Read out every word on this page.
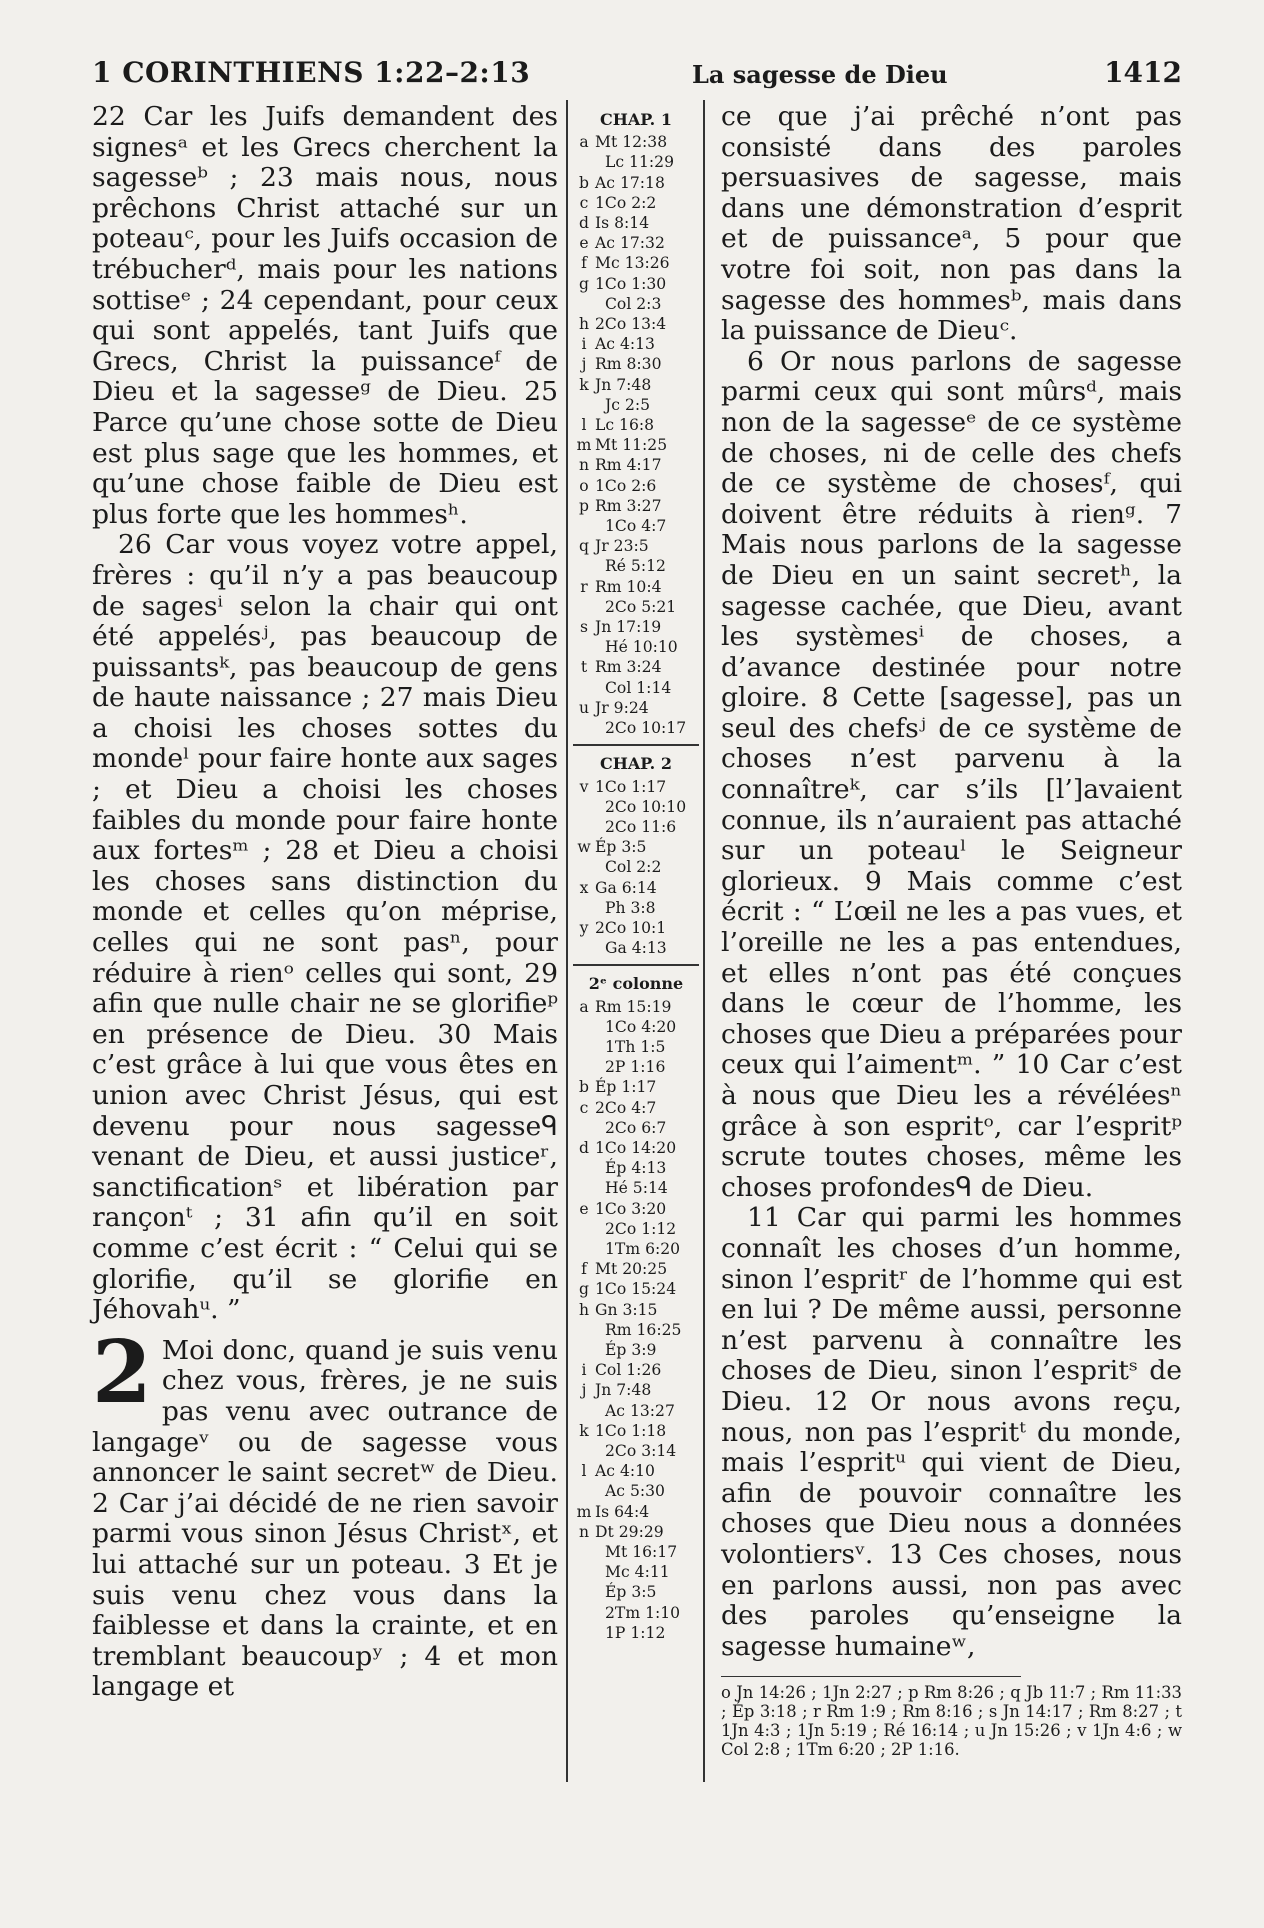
1 CORINTHIENS 1:22–2:13	La sagesse de Dieu	1412

22 Car les Juifs demandent des signesᵃ et les Grecs cherchent la sagesseᵇ ; 23 mais nous, nous prêchons Christ attaché sur un poteauᶜ, pour les Juifs occasion de trébucherᵈ, mais pour les nations sottiseᵉ ; 24 cependant, pour ceux qui sont appelés, tant Juifs que Grecs, Christ la puissanceᶠ de Dieu et la sagesseᵍ de Dieu. 25 Parce qu’une chose sotte de Dieu est plus sage que les hommes, et qu’une chose faible de Dieu est plus forte que les hommesʰ.

26 Car vous voyez votre appel, frères : qu’il n’y a pas beaucoup de sagesⁱ selon la chair qui ont été appelésʲ, pas beaucoup de puissantsᵏ, pas beaucoup de gens de haute naissance ; 27 mais Dieu a choisi les choses sottes du mondeˡ pour faire honte aux sages ; et Dieu a choisi les choses faibles du monde pour faire honte aux fortesᵐ ; 28 et Dieu a choisi les choses sans distinction du monde et celles qu’on méprise, celles qui ne sont pasⁿ, pour réduire à rienᵒ celles qui sont, 29 afin que nulle chair ne se glorifieᵖ en présence de Dieu. 30 Mais c’est grâce à lui que vous êtes en union avec Christ Jésus, qui est devenu pour nous sagesseᑫ venant de Dieu, et aussi justiceʳ, sanctificationˢ et libération par rançonᵗ ; 31 afin qu’il en soit comme c’est écrit : “ Celui qui se glorifie, qu’il se glorifie en Jéhovahᵘ. ”

2 Moi donc, quand je suis venu chez vous, frères, je ne suis pas venu avec outrance de langageᵛ ou de sagesse vous annoncer le saint secretʷ de Dieu. 2 Car j’ai décidé de ne rien savoir parmi vous sinon Jésus Christˣ, et lui attaché sur un poteau. 3 Et je suis venu chez vous dans la faiblesse et dans la crainte, et en tremblant beaucoupʸ ; 4 et mon langage et

CHAP. 1
a Mt 12:38
Lc 11:29
b Ac 17:18
c 1Co 2:2
d Is 8:14
e Ac 17:32
f Mc 13:26
g 1Co 1:30
Col 2:3
h 2Co 13:4
i Ac 4:13
j Rm 8:30
k Jn 7:48
Jc 2:5
l Lc 16:8
m Mt 11:25
n Rm 4:17
o 1Co 2:6
p Rm 3:27
1Co 4:7
q Jr 23:5
Ré 5:12
r Rm 10:4
2Co 5:21
s Jn 17:19
Hé 10:10
t Rm 3:24
Col 1:14
u Jr 9:24
2Co 10:17
CHAP. 2
v 1Co 1:17
2Co 10:10
2Co 11:6
w Ép 3:5
Col 2:2
x Ga 6:14
Ph 3:8
y 2Co 10:1
Ga 4:13
2ᵉ colonne
a Rm 15:19
1Co 4:20
1Th 1:5
2P 1:16
b Ép 1:17
c 2Co 4:7
2Co 6:7
d 1Co 14:20
Ép 4:13
Hé 5:14
e 1Co 3:20
2Co 1:12
1Tm 6:20
f Mt 20:25
g 1Co 15:24
h Gn 3:15
Rm 16:25
Ép 3:9
i Col 1:26
j Jn 7:48
Ac 13:27
k 1Co 1:18
2Co 3:14
l Ac 4:10
Ac 5:30
m Is 64:4
n Dt 29:29
Mt 16:17
Mc 4:11
Ép 3:5
2Tm 1:10
1P 1:12

ce que j’ai prêché n’ont pas consisté dans des paroles persuasives de sagesse, mais dans une démonstration d’esprit et de puissanceᵃ, 5 pour que votre foi soit, non pas dans la sagesse des hommesᵇ, mais dans la puissance de Dieuᶜ.

6 Or nous parlons de sagesse parmi ceux qui sont mûrsᵈ, mais non de la sagesseᵉ de ce système de choses, ni de celle des chefs de ce système de chosesᶠ, qui doivent être réduits à rienᵍ. 7 Mais nous parlons de la sagesse de Dieu en un saint secretʰ, la sagesse cachée, que Dieu, avant les systèmesⁱ de choses, a d’avance destinée pour notre gloire. 8 Cette [sagesse], pas un seul des chefsʲ de ce système de choses n’est parvenu à la connaîtreᵏ, car s’ils [l’]avaient connue, ils n’auraient pas attaché sur un poteauˡ le Seigneur glorieux. 9 Mais comme c’est écrit : “ L’œil ne les a pas vues, et l’oreille ne les a pas entendues, et elles n’ont pas été conçues dans le cœur de l’homme, les choses que Dieu a préparées pour ceux qui l’aimentᵐ. ” 10 Car c’est à nous que Dieu les a révéléesⁿ grâce à son espritᵒ, car l’espritᵖ scrute toutes choses, même les choses profondesᑫ de Dieu.

11 Car qui parmi les hommes connaît les choses d’un homme, sinon l’espritʳ de l’homme qui est en lui ? De même aussi, personne n’est parvenu à connaître les choses de Dieu, sinon l’espritˢ de Dieu. 12 Or nous avons reçu, nous, non pas l’espritᵗ du monde, mais l’espritᵘ qui vient de Dieu, afin de pouvoir connaître les choses que Dieu nous a données volontiersᵛ. 13 Ces choses, nous en parlons aussi, non pas avec des paroles qu’enseigne la sagesse humaineʷ,

o Jn 14:26 ; 1Jn 2:27 ; p Rm 8:26 ; q Jb 11:7 ; Rm 11:33 ; Ép 3:18 ; r Rm 1:9 ; Rm 8:16 ; s Jn 14:17 ; Rm 8:27 ; t 1Jn 4:3 ; 1Jn 5:19 ; Ré 16:14 ; u Jn 15:26 ; v 1Jn 4:6 ; w Col 2:8 ; 1Tm 6:20 ; 2P 1:16.
